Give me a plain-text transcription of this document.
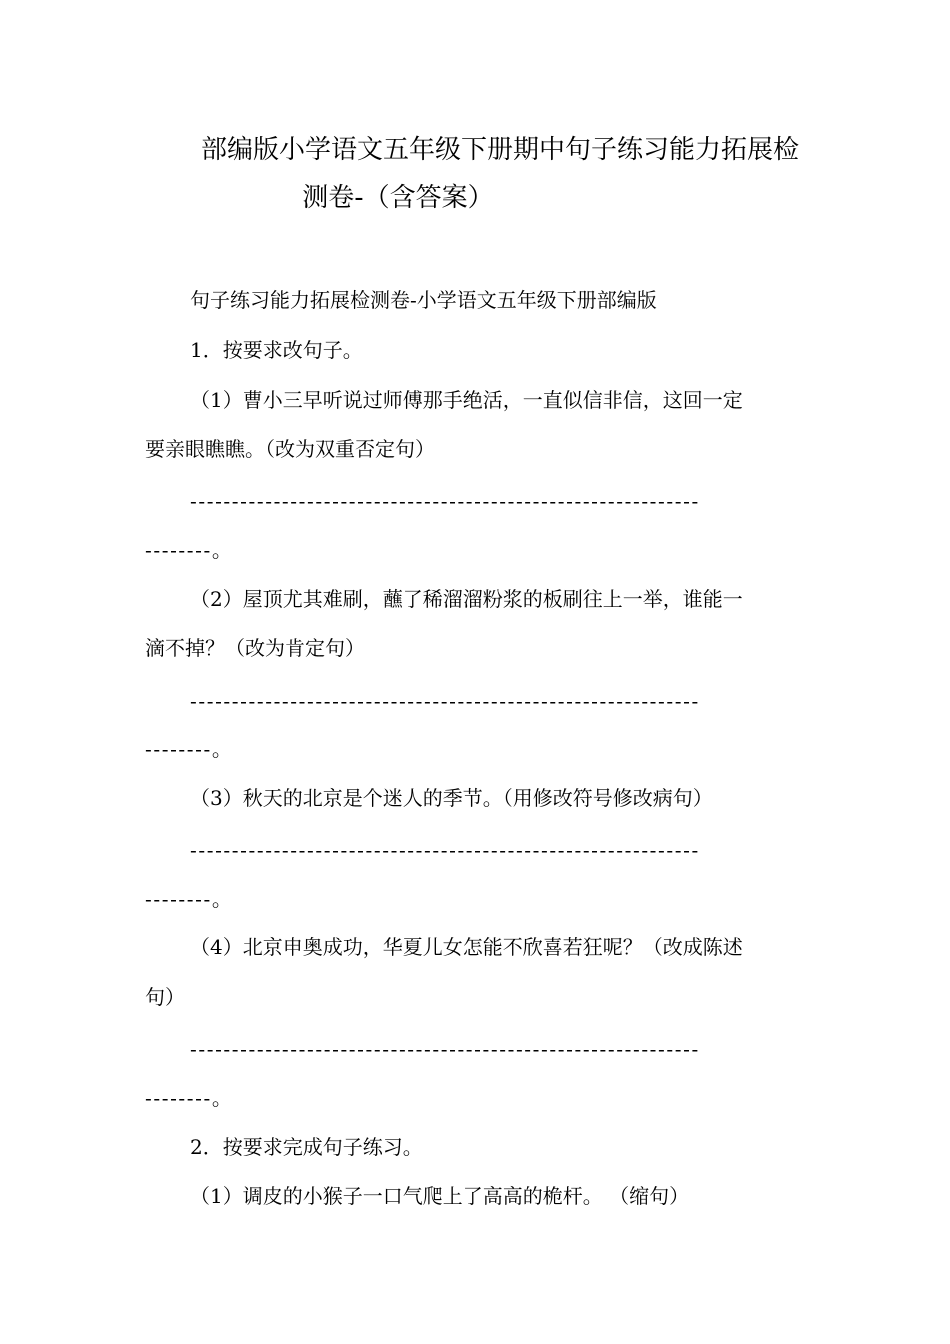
部编版小学语文五年级下册期中句子练习能力拓展检
测卷-（含答案）
句子练习能力拓展检测卷-小学语文五年级下册部编版
1．按要求改句子。
（1）曹小三早听说过师傅那手绝活，一直似信非信，这回一定
要亲眼瞧瞧。（改为双重否定句）
-------------------------------------------------------------
--------。
（2）屋顶尤其难刷，蘸了稀溜溜粉浆的板刷往上一举，谁能一
滴不掉？（改为肯定句）
-------------------------------------------------------------
--------。
（3）秋天的北京是个迷人的季节。（用修改符号修改病句）
-------------------------------------------------------------
--------。
（4）北京申奥成功，华夏儿女怎能不欣喜若狂呢？（改成陈述
句）
-------------------------------------------------------------
--------。
2．按要求完成句子练习。
（1）调皮的小猴子一口气爬上了高高的桅杆。 （缩句）
